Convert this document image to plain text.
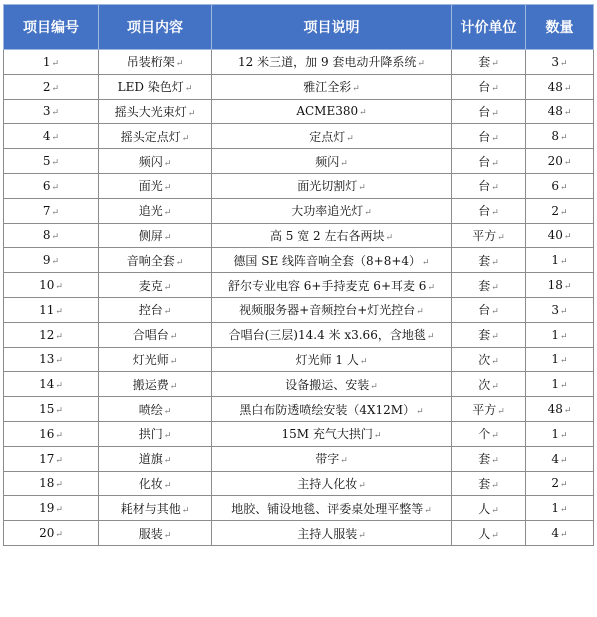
项目编号	项目内容	项目说明	计价单位	数量
1 ↵	吊装桁架 ↵	12 米三道，加 9 套电动升降系统 ↵	套 ↵	3 ↵
2 ↵	LED 染色灯 ↵	雅江全彩 ↵	台 ↵	48 ↵
3 ↵	摇头大光束灯 ↵	ACME380 ↵	台 ↵	48 ↵
4 ↵	摇头定点灯 ↵	定点灯 ↵	台 ↵	8 ↵
5 ↵	频闪 ↵	频闪 ↵	台 ↵	20 ↵
6 ↵	面光 ↵	面光切割灯 ↵	台 ↵	6 ↵
7 ↵	追光 ↵	大功率追光灯 ↵	台 ↵	2 ↵
8 ↵	侧屏 ↵	高 5 宽 2 左右各两块 ↵	平方 ↵	40 ↵
9 ↵	音响全套 ↵	德国 SE 线阵音响全套（8+8+4） ↵	套 ↵	1 ↵
10 ↵	麦克 ↵	舒尔专业电容 6+手持麦克 6+耳麦 6 ↵	套 ↵	18 ↵
11 ↵	控台 ↵	视频服务器+音频控台+灯光控台 ↵	台 ↵	3 ↵
12 ↵	合唱台 ↵	合唱台(三层)14.4 米 x3.66，含地毯 ↵	套 ↵	1 ↵
13 ↵	灯光师 ↵	灯光师 1 人 ↵	次 ↵	1 ↵
14 ↵	搬运费 ↵	设备搬运、安装 ↵	次 ↵	1 ↵
15 ↵	喷绘 ↵	黑白布防透喷绘安装（4X12M） ↵	平方 ↵	48 ↵
16 ↵	拱门 ↵	15M 充气大拱门 ↵	个 ↵	1 ↵
17 ↵	道旗 ↵	带字 ↵	套 ↵	4 ↵
18 ↵	化妆 ↵	主持人化妆 ↵	套 ↵	2 ↵
19 ↵	耗材与其他 ↵	地胶、铺设地毯、评委桌处理平整等 ↵	人 ↵	1 ↵
20 ↵	服装 ↵	主持人服装 ↵	人 ↵	4 ↵
